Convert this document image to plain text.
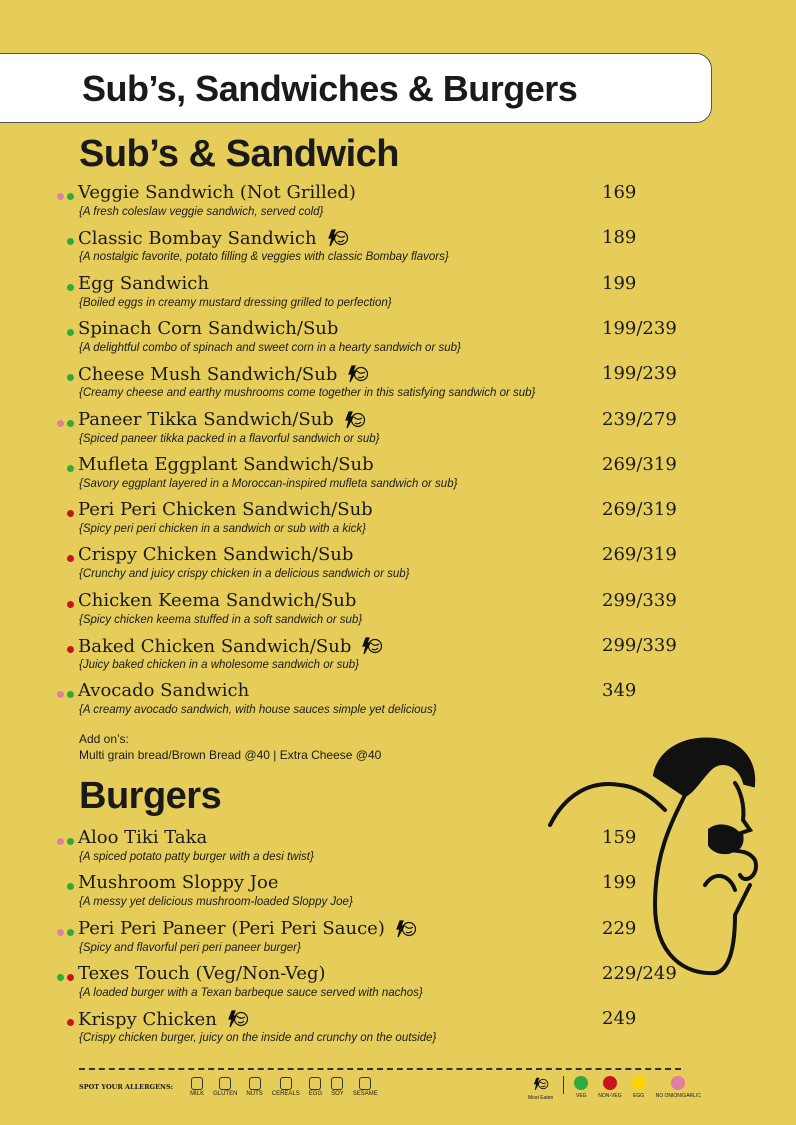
Sub’s, Sandwiches & Burgers
Sub’s & Sandwich
Veggie Sandwich (Not Grilled)
{A fresh coleslaw veggie sandwich, served cold}
169
Classic Bombay Sandwich
{A nostalgic favorite, potato filling & veggies with classic Bombay flavors}
189
Egg Sandwich
{Boiled eggs in creamy mustard dressing grilled to perfection}
199
Spinach Corn Sandwich/Sub
{A delightful combo of spinach and sweet corn in a hearty sandwich or sub}
199/239
Cheese Mush Sandwich/Sub
{Creamy cheese and earthy mushrooms come together in this satisfying sandwich or sub}
199/239
Paneer Tikka Sandwich/Sub
{Spiced paneer tikka packed in a flavorful sandwich or sub}
239/279
Mufleta Eggplant Sandwich/Sub
{Savory eggplant layered in a Moroccan-inspired mufleta sandwich or sub}
269/319
Peri Peri Chicken Sandwich/Sub
{Spicy peri peri chicken in a sandwich or sub with a kick}
269/319
Crispy Chicken Sandwich/Sub
{Crunchy and juicy crispy chicken in a delicious sandwich or sub}
269/319
Chicken Keema Sandwich/Sub
{Spicy chicken keema stuffed in a soft sandwich or sub}
299/339
Baked Chicken Sandwich/Sub
{Juicy baked chicken in a wholesome sandwich or sub}
299/339
Avocado Sandwich
{A creamy avocado sandwich, with house sauces simple yet delicious}
349
Add on’s:
Multi grain bread/Brown Bread @40 | Extra Cheese @40
Burgers
Aloo Tiki Taka
{A spiced potato patty burger with a desi twist}
159
Mushroom Sloppy Joe
{A messy yet delicious mushroom-loaded Sloppy Joe}
199
Peri Peri Paneer (Peri Peri Sauce)
{Spicy and flavorful peri peri paneer burger}
229
Texes Touch (Veg/Non-Veg)
{A loaded burger with a Texan barbeque sauce served with nachos}
229/249
Krispy Chicken
{Crispy chicken burger, juicy on the inside and crunchy on the outside}
249
SPOT YOUR ALLERGENS:
MILK GLUTEN NUTS CEREALS EGG SOY SESAME
Most Eaten	VEG NON-VEG EGG NO ONION/GARLIC
